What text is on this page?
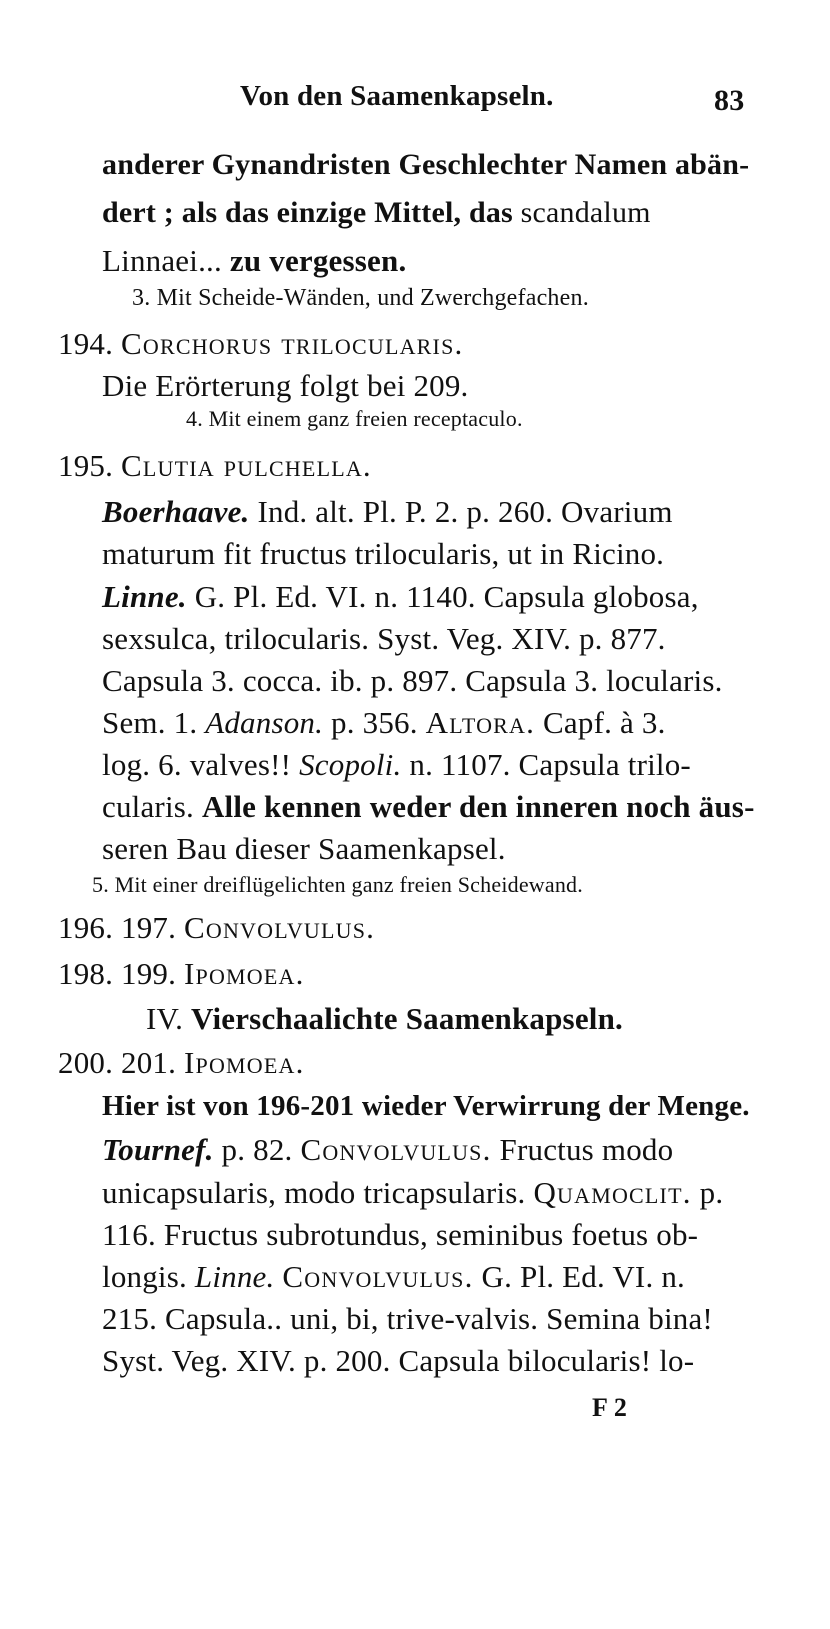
Von den Saamenkapseln.	83
anderer Gynandristen Geschlechter Namen abän-
dert ; als das einzige Mittel, das scandalum
Linnaei... zu vergessen.
3. Mit Scheide-Wänden, und Zwerchgefachen.
194. Corchorus trilocularis.
Die Erörterung folgt bei 209.
4. Mit einem ganz freien receptaculo.
195. Clutia pulchella.
Boerhaave. Ind. alt. Pl. P. 2. p. 260. Ovarium
maturum fit fructus trilocularis, ut in Ricino.
Linne. G. Pl. Ed. VI. n. 1140. Capsula globosa,
sexsulca, trilocularis. Syst. Veg. XIV. p. 877.
Capsula 3. cocca. ib. p. 897. Capsula 3. locularis.
Sem. 1. Adanson. p. 356. Altora. Capf. à 3.
log. 6. valves!! Scopoli. n. 1107. Capsula trilo-
cularis. Alle kennen weder den inneren noch äus-
seren Bau dieser Saamenkapsel.
5. Mit einer dreiflügelichten ganz freien Scheidewand.
196. 197. Convolvulus.
198. 199. Ipomoea.
IV. Vierschaalichte Saamenkapseln.
200. 201. Ipomoea.
Hier ist von 196-201 wieder Verwirrung der Menge.
Tournef. p. 82. Convolvulus. Fructus modo
unicapsularis, modo tricapsularis. Quamoclit. p.
116. Fructus subrotundus, seminibus foetus ob-
longis. Linne. Convolvulus. G. Pl. Ed. VI. n.
215. Capsula.. uni, bi, trive-valvis. Semina bina!
Syst. Veg. XIV. p. 200. Capsula bilocularis! lo-
F 2
